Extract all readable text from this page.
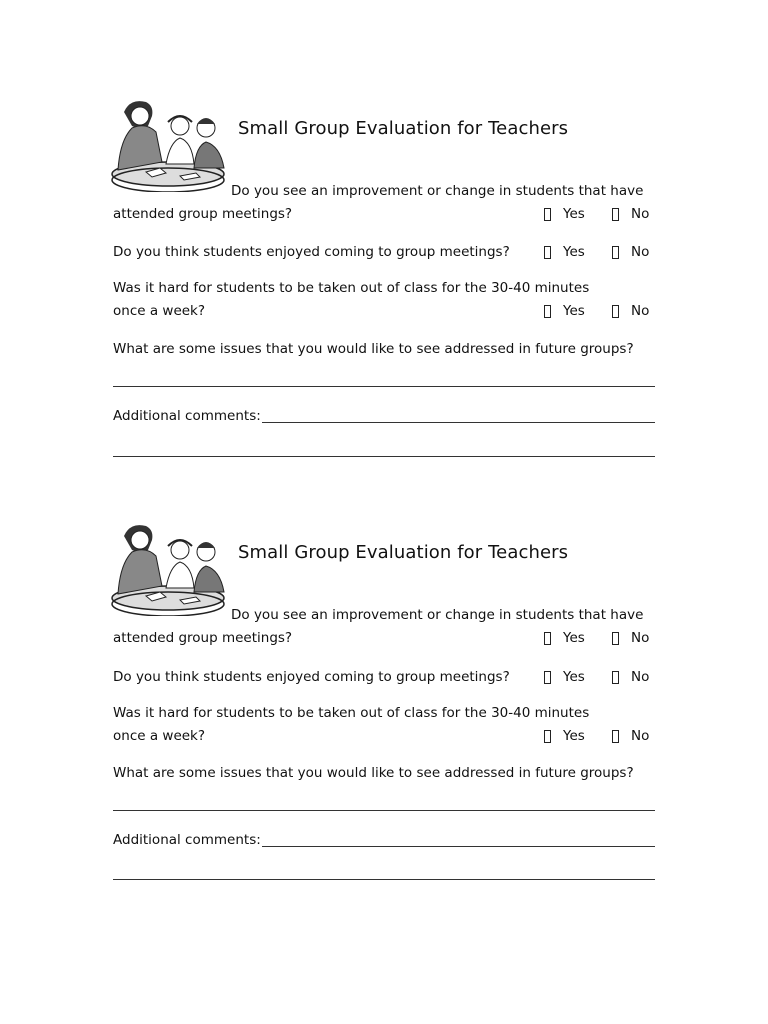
Small Group Evaluation for Teachers
Do you see an improvement or change in students that have
attended group meetings?	Yes	No
Do you think students enjoyed coming to group meetings?	Yes	No
Was it hard for students to be taken out of class for the 30-40 minutes
once a week?	Yes	No
What are some issues that you would like to see addressed in future groups?
Additional comments:
Small Group Evaluation for Teachers
Do you see an improvement or change in students that have
attended group meetings?	Yes	No
Do you think students enjoyed coming to group meetings?	Yes	No
Was it hard for students to be taken out of class for the 30-40 minutes
once a week?	Yes	No
What are some issues that you would like to see addressed in future groups?
Additional comments:
